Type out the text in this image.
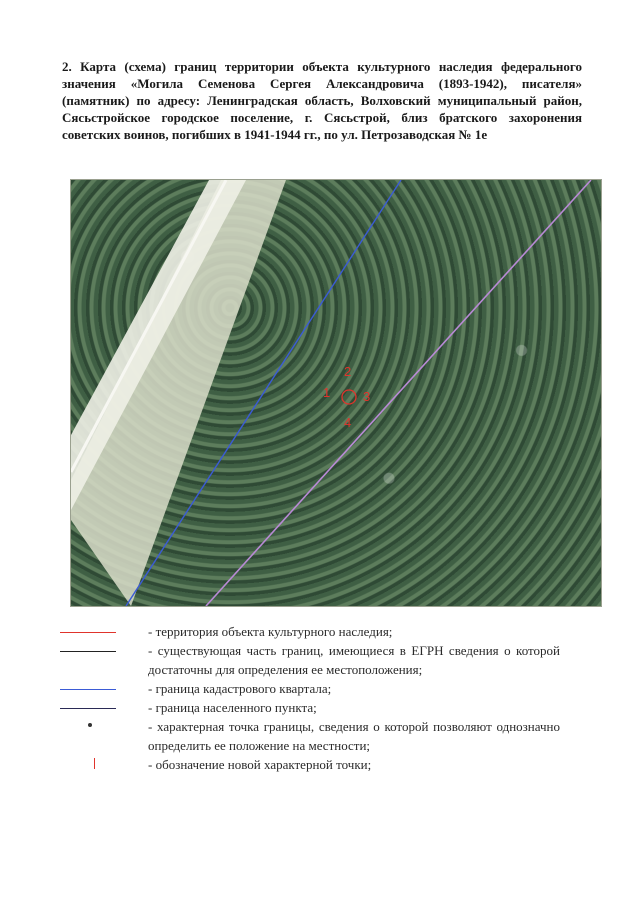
2. Карта (схема) границ территории объекта культурного наследия федерального значения «Могила Семенова Сергея Александровича (1893-1942), писателя» (памятник) по адресу: Ленинградская область, Волховский муниципальный район, Сясьстройское городское поселение, г. Сясьстрой, близ братского захоронения советских воинов, погибших в 1941-1944 гг., по ул. Петрозаводская № 1е

1
2
3
4
- территория объекта культурного наследия;
- существующая часть границ, имеющиеся в ЕГРН сведения о которой достаточны для определения ее местоположения;
- граница кадастрового квартала;
- граница населенного пункта;
- характерная точка границы, сведения о которой позволяют однозначно определить ее положение на местности;
- обозначение новой характерной точки;
